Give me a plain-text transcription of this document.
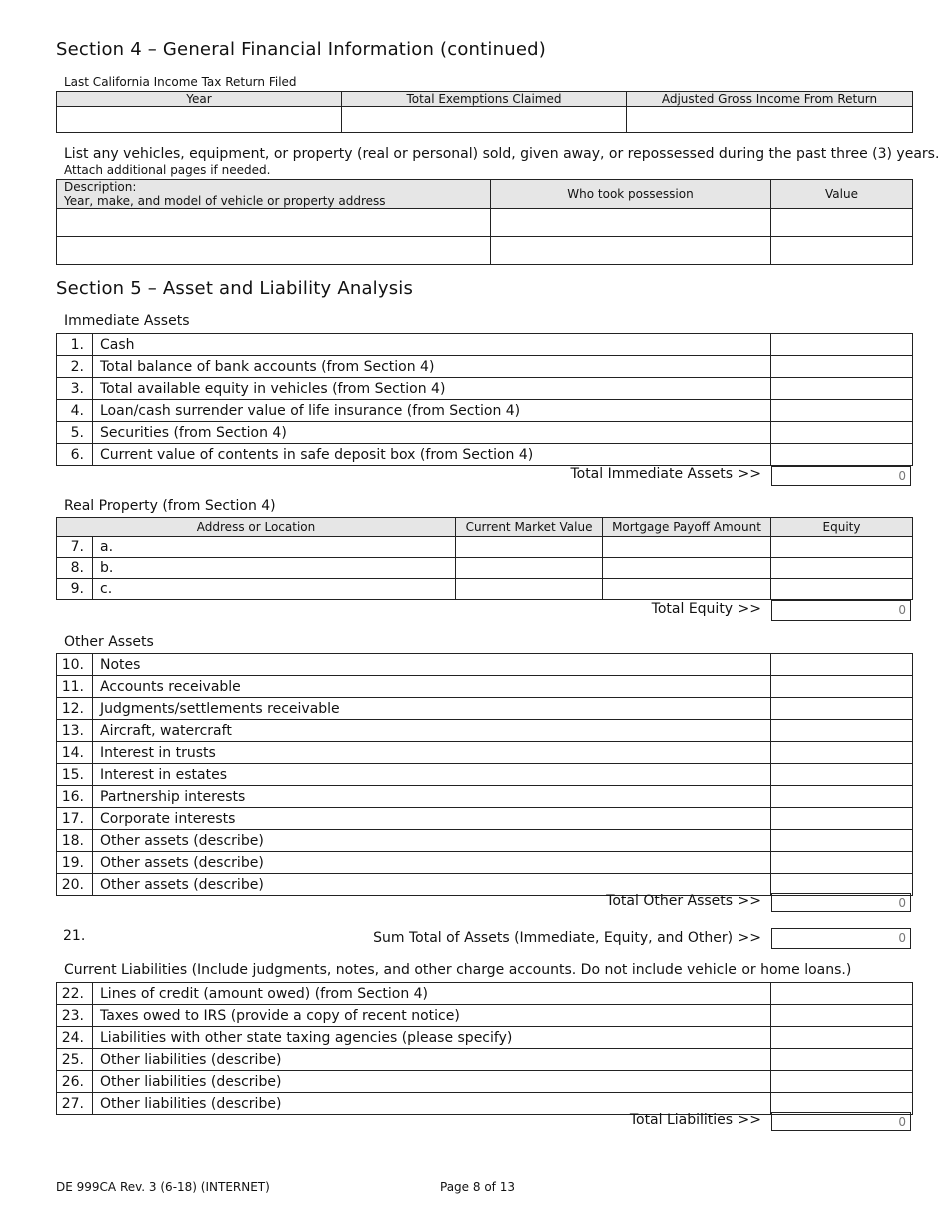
Section 4 – General Financial Information (continued)
Last California Income Tax Return Filed
Year	Total Exemptions Claimed	Adjusted Gross Income From Return

List any vehicles, equipment, or property (real or personal) sold, given away, or repossessed during the past three (3) years.
Attach additional pages if needed.
Description:
Year, make, and model of vehicle or property address	Who took possession	Value

Section 5 – Asset and Liability Analysis
Immediate Assets
1.	Cash	
2.	Total balance of bank accounts (from Section 4)	
3.	Total available equity in vehicles (from Section 4)	
4.	Loan/cash surrender value of life insurance (from Section 4)	
5.	Securities (from Section 4)	
6.	Current value of contents in safe deposit box (from Section 4)	
Total Immediate Assets >>	0
Real Property (from Section 4)
Address or Location		Current Market Value	Mortgage Payoff Amount	Equity
7.	a.			
8.	b.			
9.	c.			
Total Equity >>	0
Other Assets
10.	Notes	
11.	Accounts receivable	
12.	Judgments/settlements receivable	
13.	Aircraft, watercraft	
14.	Interest in trusts	
15.	Interest in estates	
16.	Partnership interests	
17.	Corporate interests	
18.	Other assets (describe)	
19.	Other assets (describe)	
20.	Other assets (describe)	
Total Other Assets >>	0
21.	Sum Total of Assets (Immediate, Equity, and Other) >>	0
Current Liabilities (Include judgments, notes, and other charge accounts. Do not include vehicle or home loans.)
22.	Lines of credit (amount owed) (from Section 4)	
23.	Taxes owed to IRS (provide a copy of recent notice)	
24.	Liabilities with other state taxing agencies (please specify)	
25.	Other liabilities (describe)	
26.	Other liabilities (describe)	
27.	Other liabilities (describe)	
Total Liabilities >>	0
DE 999CA Rev. 3 (6-18) (INTERNET)	Page 8 of 13
